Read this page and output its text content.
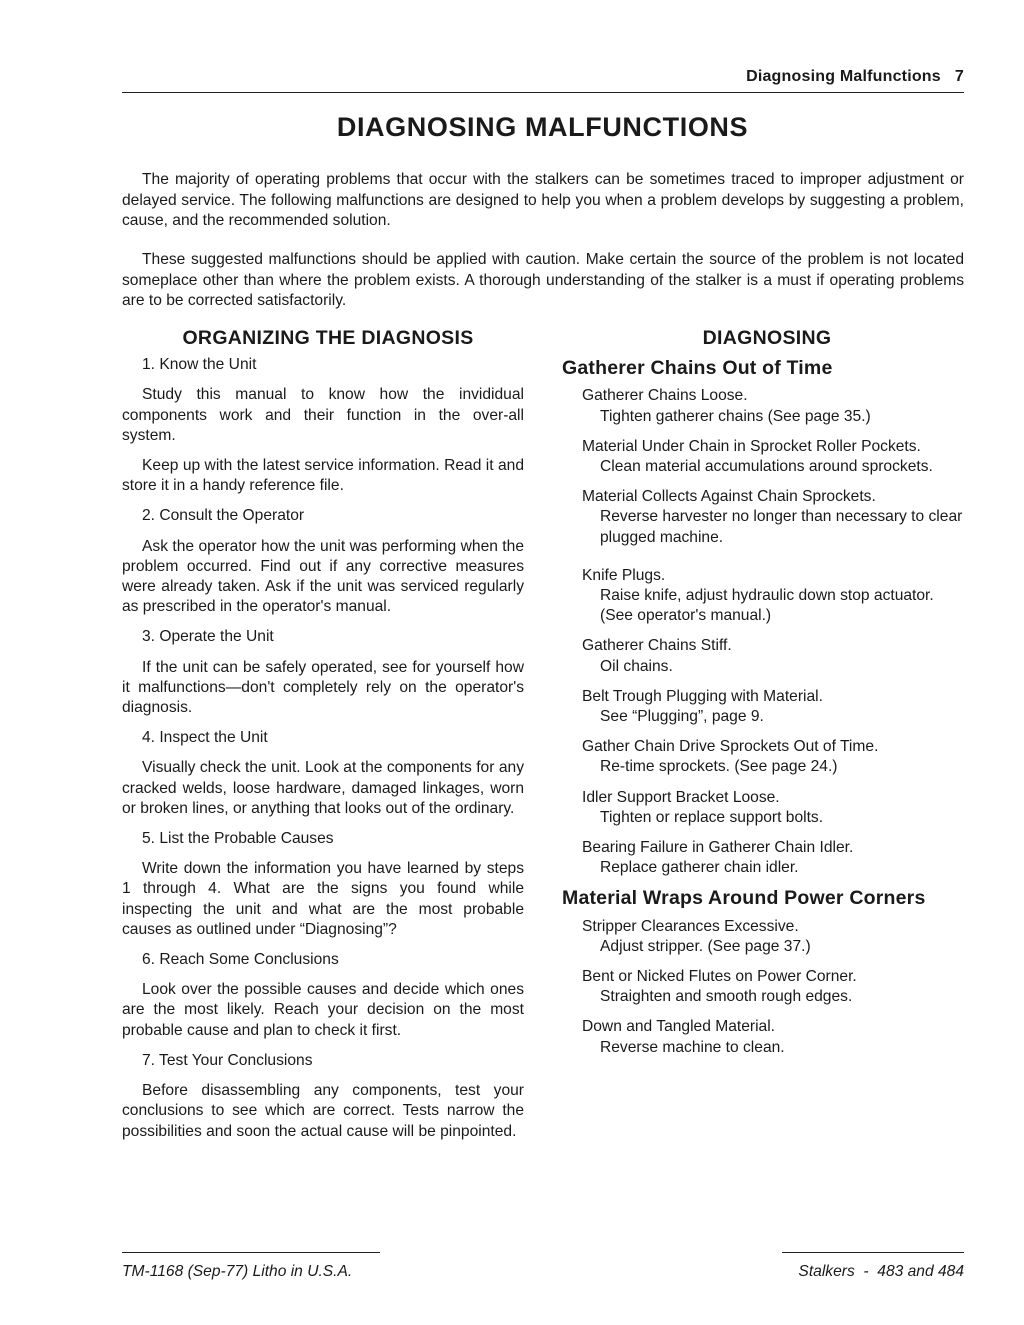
Diagnosing Malfunctions 7
DIAGNOSING MALFUNCTIONS
The majority of operating problems that occur with the stalkers can be sometimes traced to improper adjustment or delayed service. The following malfunctions are designed to help you when a problem develops by suggesting a problem, cause, and the recommended solution.
These suggested malfunctions should be applied with caution. Make certain the source of the problem is not located someplace other than where the problem exists. A thorough understanding of the stalker is a must if operating problems are to be corrected satisfactorily.
ORGANIZING THE DIAGNOSIS
1. Know the Unit

Study this manual to know how the invididual components work and their function in the over-all system.

Keep up with the latest service information. Read it and store it in a handy reference file.

2. Consult the Operator

Ask the operator how the unit was performing when the problem occurred. Find out if any corrective measures were already taken. Ask if the unit was serviced regularly as prescribed in the operator's manual.

3. Operate the Unit

If the unit can be safely operated, see for yourself how it malfunctions—don't completely rely on the operator's diagnosis.

4. Inspect the Unit

Visually check the unit. Look at the components for any cracked welds, loose hardware, damaged linkages, worn or broken lines, or anything that looks out of the ordinary.

5. List the Probable Causes

Write down the information you have learned by steps 1 through 4. What are the signs you found while inspecting the unit and what are the most probable causes as outlined under “Diagnosing”?

6. Reach Some Conclusions

Look over the possible causes and decide which ones are the most likely. Reach your decision on the most probable cause and plan to check it first.

7. Test Your Conclusions

Before disassembling any components, test your conclusions to see which are correct. Tests narrow the possibilities and soon the actual cause will be pinpointed.

DIAGNOSING
Gatherer Chains Out of Time
Gatherer Chains Loose.
Tighten gatherer chains (See page 35.)
Material Under Chain in Sprocket Roller Pockets.
Clean material accumulations around sprockets.
Material Collects Against Chain Sprockets.
Reverse harvester no longer than necessary to clear plugged machine.
Knife Plugs.
Raise knife, adjust hydraulic down stop actuator. (See operator's manual.)
Gatherer Chains Stiff.
Oil chains.
Belt Trough Plugging with Material.
See “Plugging”, page 9.
Gather Chain Drive Sprockets Out of Time.
Re-time sprockets. (See page 24.)
Idler Support Bracket Loose.
Tighten or replace support bolts.
Bearing Failure in Gatherer Chain Idler.
Replace gatherer chain idler.
Material Wraps Around Power Corners
Stripper Clearances Excessive.
Adjust stripper. (See page 37.)
Bent or Nicked Flutes on Power Corner.
Straighten and smooth rough edges.
Down and Tangled Material.
Reverse machine to clean.
TM-1168 (Sep-77) Litho in U.S.A.	Stalkers  -  483 and 484
